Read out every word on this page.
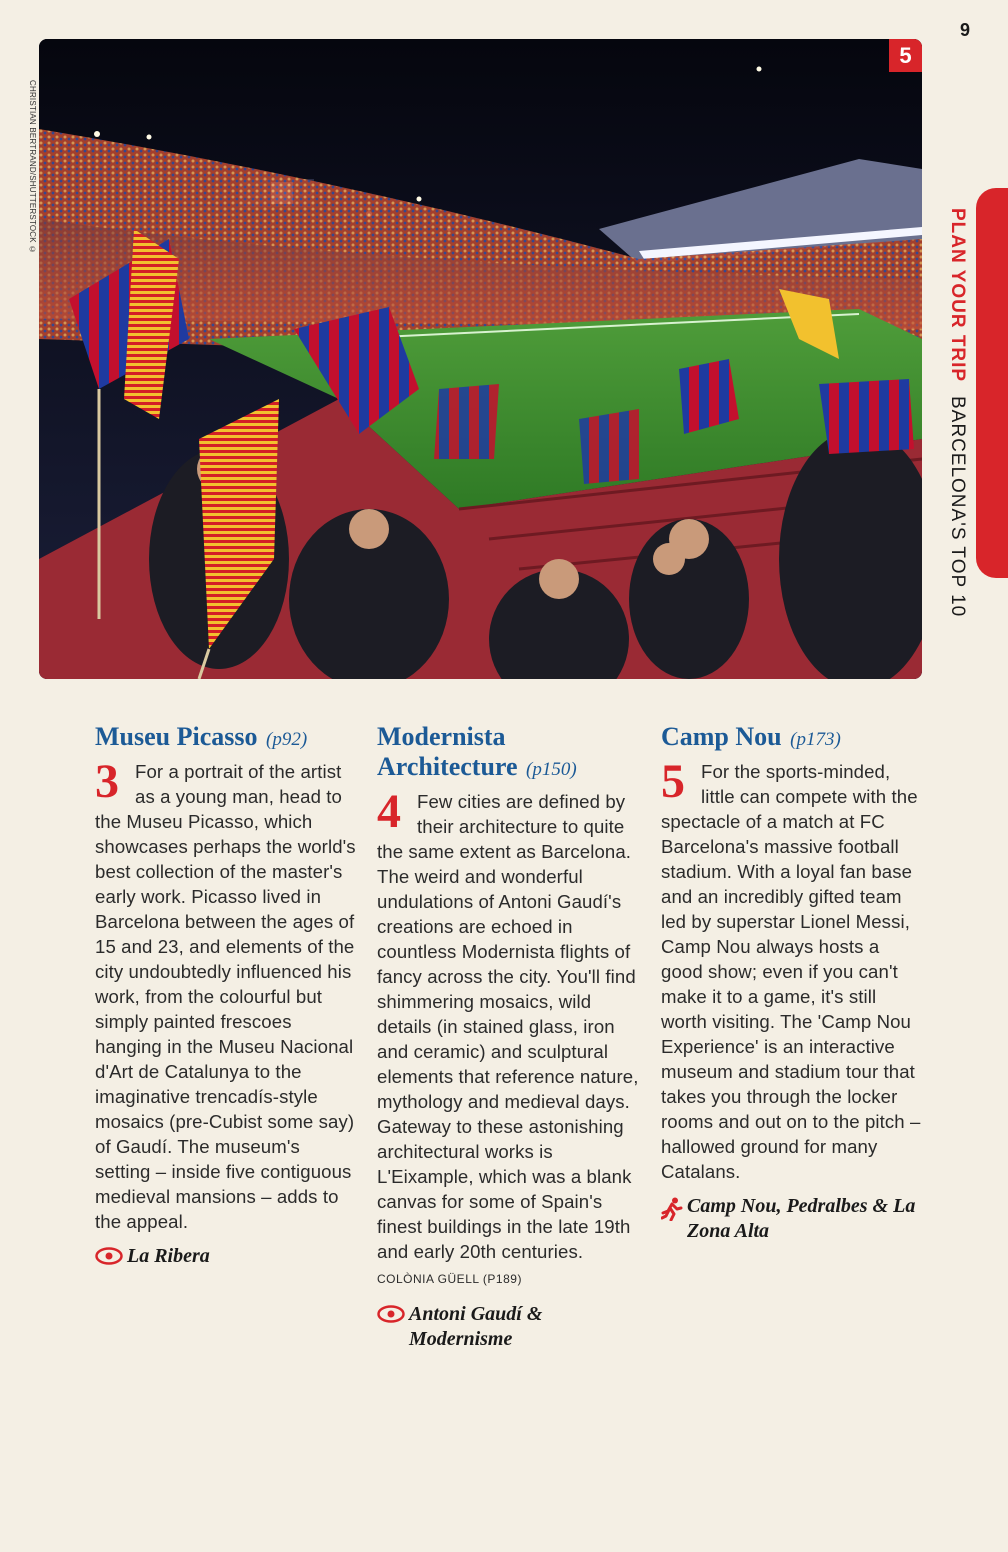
9
CHRISTIAN BERTRAND/SHUTTERSTOCK ©
5
PLAN YOUR TRIP BARCELONA'S TOP 10
Museu Picasso (p92)

3 For a portrait of the artist as a young man, head to the Museu Picasso, which showcases perhaps the world's best collection of the master's early work. Picasso lived in Barcelona between the ages of 15 and 23, and elements of the city undoubtedly influenced his work, from the colourful but simply painted frescoes hanging in the Museu Nacional d'Art de Catalunya to the imaginative trencadís-style mosaics (pre-Cubist some say) of Gaudí. The museum's setting – inside five contiguous medieval mansions – adds to the appeal.

La Ribera
Modernista Architecture (p150)

4 Few cities are defined by their architecture to quite the same extent as Barcelona. The weird and wonderful undulations of Antoni Gaudí's creations are echoed in countless Modernista flights of fancy across the city. You'll find shimmering mosaics, wild details (in stained glass, iron and ceramic) and sculptural elements that reference nature, mythology and medieval days. Gateway to these astonishing architectural works is L'Eixample, which was a blank canvas for some of Spain's finest buildings in the late 19th and early 20th centuries. COLÒNIA GÜELL (P189)

Antoni Gaudí & Modernisme
Camp Nou (p173)

5 For the sports-minded, little can compete with the spectacle of a match at FC Barcelona's massive football stadium. With a loyal fan base and an incredibly gifted team led by superstar Lionel Messi, Camp Nou always hosts a good show; even if you can't make it to a game, it's still worth visiting. The 'Camp Nou Experience' is an interactive museum and stadium tour that takes you through the locker rooms and out on to the pitch – hallowed ground for many Catalans.

Camp Nou, Pedralbes & La Zona Alta
